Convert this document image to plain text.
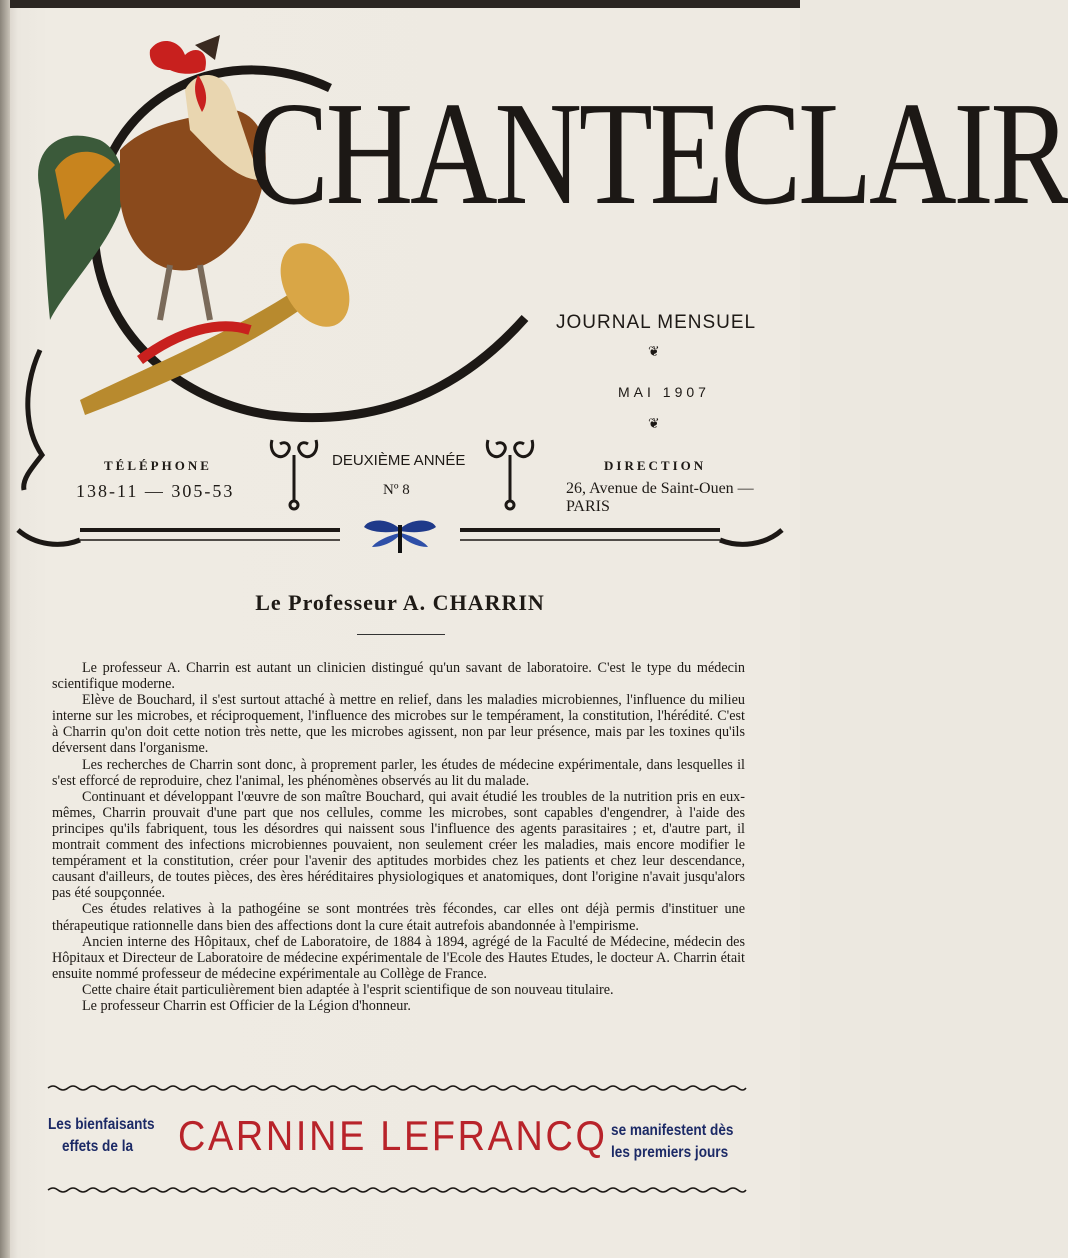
CHANTECLAIR
JOURNAL MENSUEL
❦
MAI 1907
❦
TÉLÉPHONE
138-11 — 305-53
DEUXIÈME ANNÉE
Nº 8
DIRECTION
26, Avenue de Saint-Ouen — PARIS
Le Professeur A. CHARRIN

Le professeur A. Charrin est autant un clinicien distingué qu'un savant de laboratoire. C'est le type du médecin scientifique moderne.

Elève de Bouchard, il s'est surtout attaché à mettre en relief, dans les maladies microbiennes, l'influence du milieu interne sur les microbes, et réciproquement, l'influence des microbes sur le tempérament, la constitution, l'hérédité. C'est à Charrin qu'on doit cette notion très nette, que les microbes agissent, non par leur présence, mais par les toxines qu'ils déversent dans l'organisme.

Les recherches de Charrin sont donc, à proprement parler, les études de médecine expérimentale, dans lesquelles il s'est efforcé de reproduire, chez l'animal, les phénomènes observés au lit du malade.

Continuant et développant l'œuvre de son maître Bouchard, qui avait étudié les troubles de la nutrition pris en eux-mêmes, Charrin prouvait d'une part que nos cellules, comme les microbes, sont capables d'engendrer, à l'aide des principes qu'ils fabriquent, tous les désordres qui naissent sous l'influence des agents parasitaires ; et, d'autre part, il montrait comment des infections microbiennes pouvaient, non seulement créer les maladies, mais encore modifier le tempérament et la constitution, créer pour l'avenir des aptitudes morbides chez les patients et chez leur descendance, causant d'ailleurs, de toutes pièces, des ères héréditaires physiologiques et anatomiques, dont l'origine n'avait jusqu'alors pas été soupçonnée.

Ces études relatives à la pathogéine se sont montrées très fécondes, car elles ont déjà permis d'instituer une thérapeutique rationnelle dans bien des affections dont la cure était autrefois abandonnée à l'empirisme.

Ancien interne des Hôpitaux, chef de Laboratoire, de 1884 à 1894, agrégé de la Faculté de Médecine, médecin des Hôpitaux et Directeur de Laboratoire de médecine expérimentale de l'Ecole des Hautes Etudes, le docteur A. Charrin était ensuite nommé professeur de médecine expérimentale au Collège de France.

Cette chaire était particulièrement bien adaptée à l'esprit scientifique de son nouveau titulaire.

Le professeur Charrin est Officier de la Légion d'honneur.

Les bienfaisants
effets de la CARNINE LEFRANCQ se manifestent dès
les premiers jours
